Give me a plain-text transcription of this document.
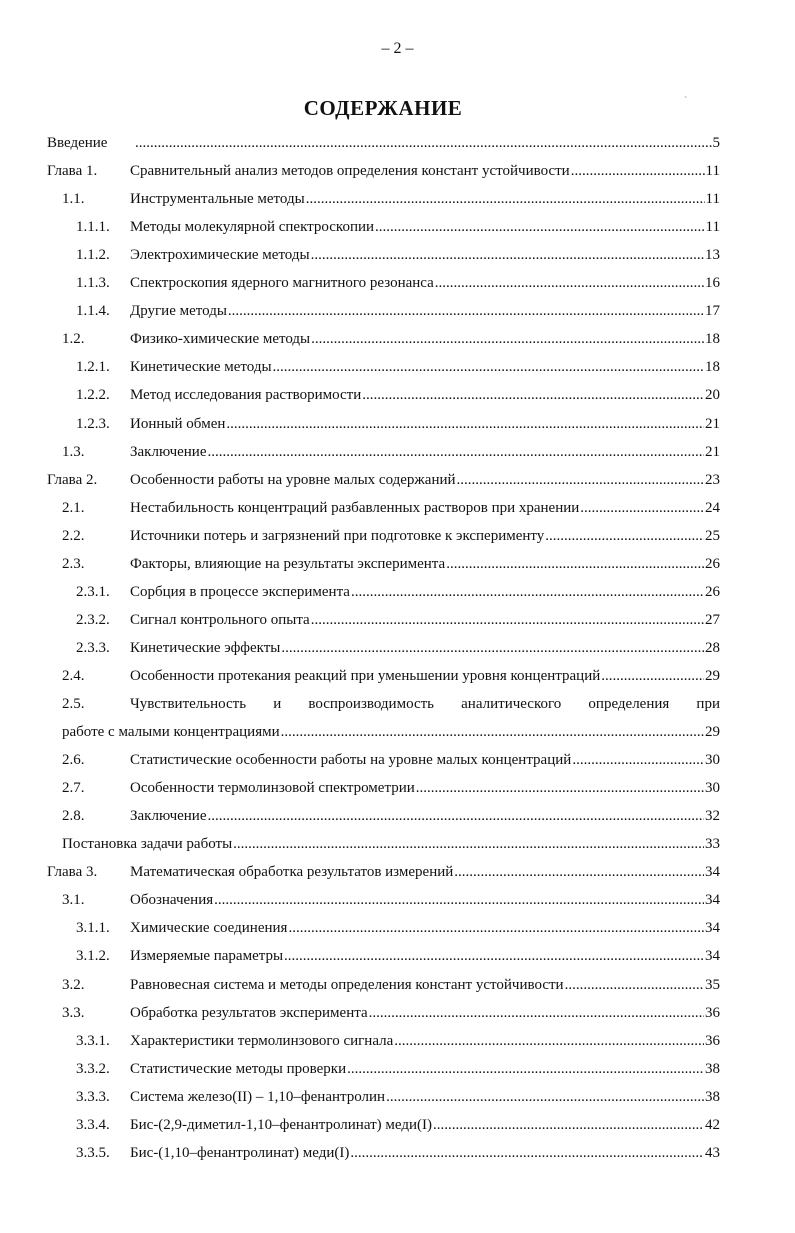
– 2 –
СОДЕРЖАНИЕ
Введение .....	5
Глава 1. Сравнительный анализ методов определения констант устойчивости .....	11
1.1.	Инструментальные методы .....	11
1.1.1. Методы молекулярной спектроскопии .....	11
1.1.2. Электрохимические методы .....	13
1.1.3. Спектроскопия ядерного магнитного резонанса .....	16
1.1.4. Другие методы .....	17
1.2.	Физико-химические методы .....	18
1.2.1. Кинетические методы .....	18
1.2.2. Метод исследования растворимости .....	20
1.2.3. Ионный обмен .....	21
1.3.	Заключение .....	21
Глава 2. Особенности работы на уровне малых содержаний .....	23
2.1.	Нестабильность концентраций разбавленных растворов при хранении .....	24
2.2.	Источники потерь и загрязнений при подготовке к эксперименту .....	25
2.3.	Факторы, влияющие на результаты эксперимента .....	26
2.3.1. Сорбция в процессе эксперимента .....	26
2.3.2. Сигнал контрольного опыта .....	27
2.3.3. Кинетические эффекты .....	28
2.4.	Особенности протекания реакций при уменьшении уровня концентраций .....	29
2.5.	Чувствительность и воспроизводимость аналитического определения при
работе с малыми концентрациями .....	29
2.6.	Статистические особенности работы на уровне малых концентраций .....	30
2.7.	Особенности термолинзовой спектрометрии .....	30
2.8.	Заключение .....	32
Постановка задачи работы .....	33
Глава 3. Математическая обработка результатов измерений .....	34
3.1.	Обозначения .....	34
3.1.1. Химические соединения .....	34
3.1.2. Измеряемые параметры .....	34
3.2.	Равновесная система и методы определения констант устойчивости .....	35
3.3.	Обработка результатов эксперимента .....	36
3.3.1. Характеристики термолинзового сигнала .....	36
3.3.2. Статистические методы проверки .....	38
3.3.3. Система железо(II) – 1,10–фенантролин .....	38
3.3.4. Бис-(2,9-диметил-1,10–фенантролинат) меди(I) .....	42
3.3.5. Бис-(1,10–фенантролинат) меди(I) .....	43
ˋ
